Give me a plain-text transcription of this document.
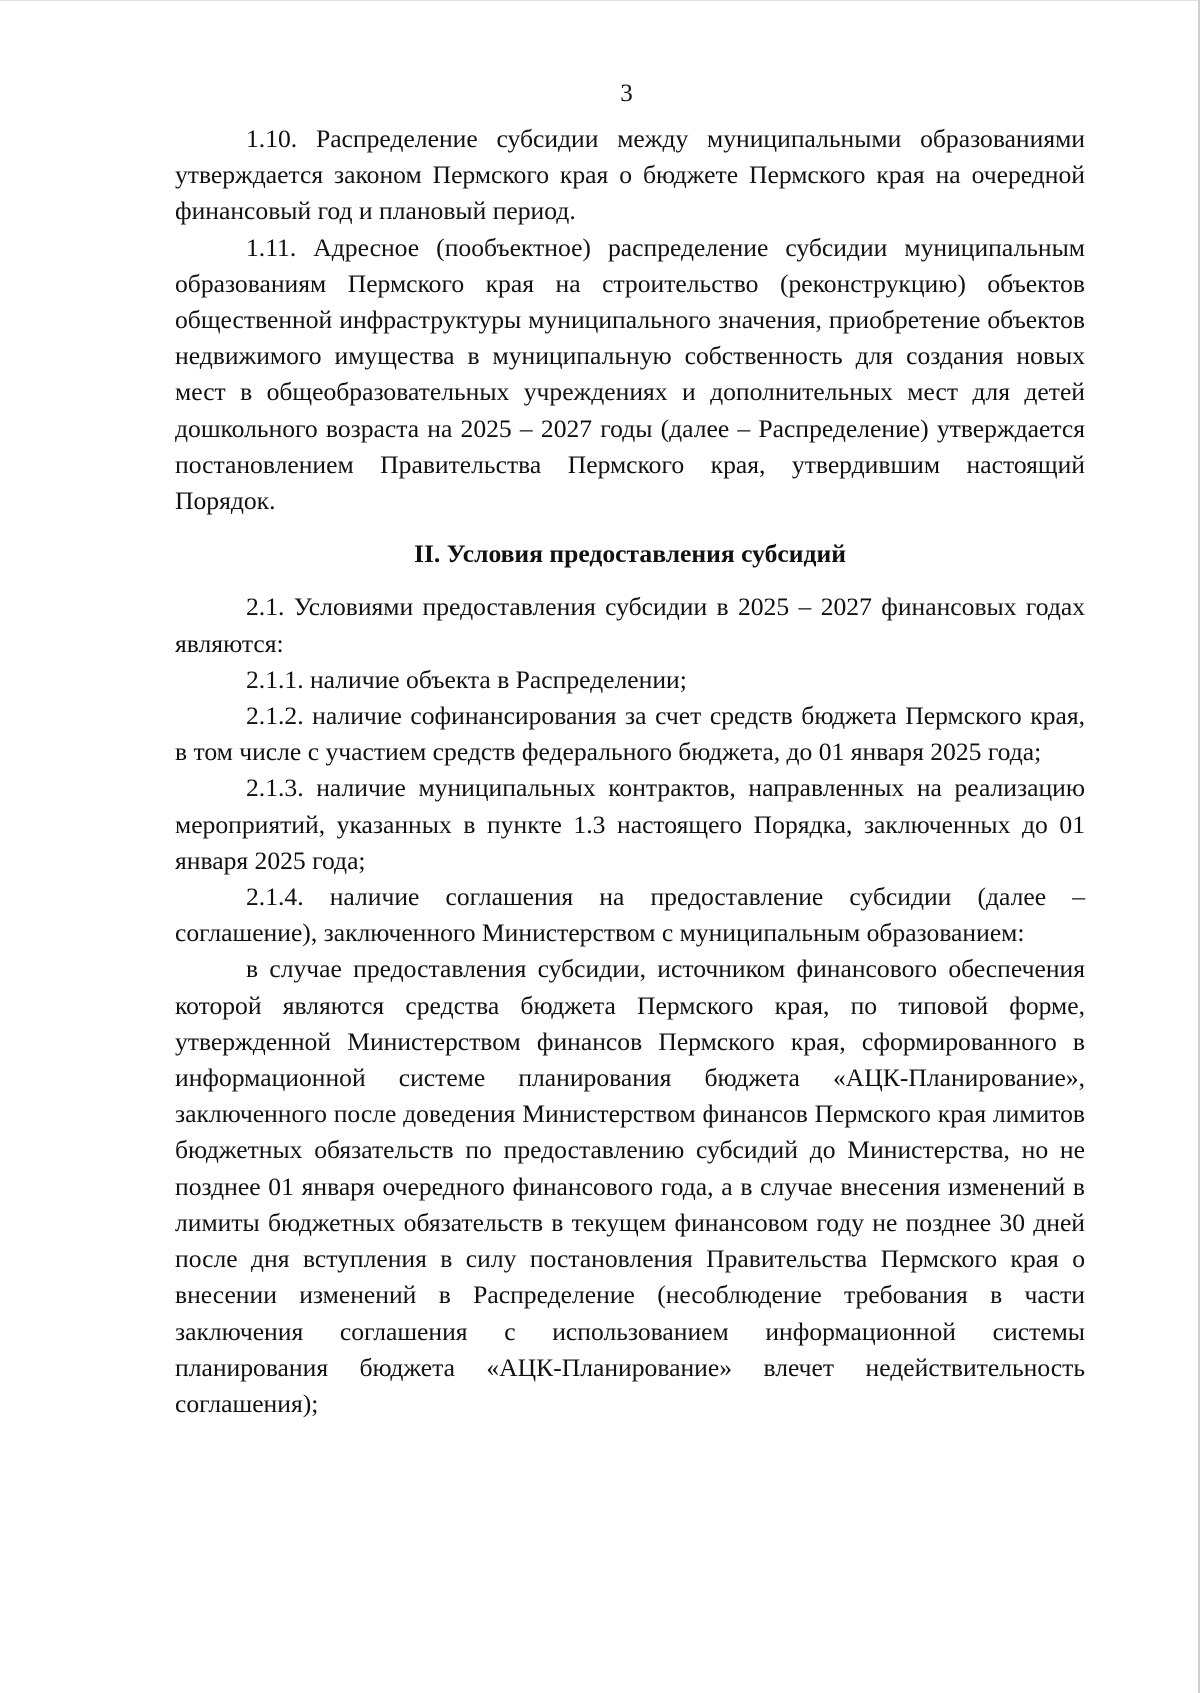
3

1.10. Распределение субсидии между муниципальными образованиями утверждается законом Пермского края о бюджете Пермского края на очередной финансовый год и плановый период.

1.11. Адресное (пообъектное) распределение субсидии муниципальным образованиям Пермского края на строительство (реконструкцию) объектов общественной инфраструктуры муниципального значения, приобретение объектов недвижимого имущества в муниципальную собственность для создания новых мест в общеобразовательных учреждениях и дополнительных мест для детей дошкольного возраста на 2025 – 2027 годы (далее – Распределение) утверждается постановлением Правительства Пермского края, утвердившим настоящий Порядок.

II. Условия предоставления субсидий

2.1. Условиями предоставления субсидии в 2025 – 2027 финансовых годах являются:

2.1.1. наличие объекта в Распределении;

2.1.2. наличие софинансирования за счет средств бюджета Пермского края, в том числе с участием средств федерального бюджета, до 01 января 2025 года;

2.1.3. наличие муниципальных контрактов, направленных на реализацию мероприятий, указанных в пункте 1.3 настоящего Порядка, заключенных до 01 января 2025 года;

2.1.4. наличие соглашения на предоставление субсидии (далее – соглашение), заключенного Министерством с муниципальным образованием:

в случае предоставления субсидии, источником финансового обеспечения которой являются средства бюджета Пермского края, по типовой форме, утвержденной Министерством финансов Пермского края, сформированного в информационной системе планирования бюджета «АЦК-Планирование», заключенного после доведения Министерством финансов Пермского края лимитов бюджетных обязательств по предоставлению субсидий до Министерства, но не позднее 01 января очередного финансового года, а в случае внесения изменений в лимиты бюджетных обязательств в текущем финансовом году не позднее 30 дней после дня вступления в силу постановления Правительства Пермского края о внесении изменений в Распределение (несоблюдение требования в части заключения соглашения с использованием информационной системы планирования бюджета «АЦК-Планирование» влечет недействительность соглашения);
